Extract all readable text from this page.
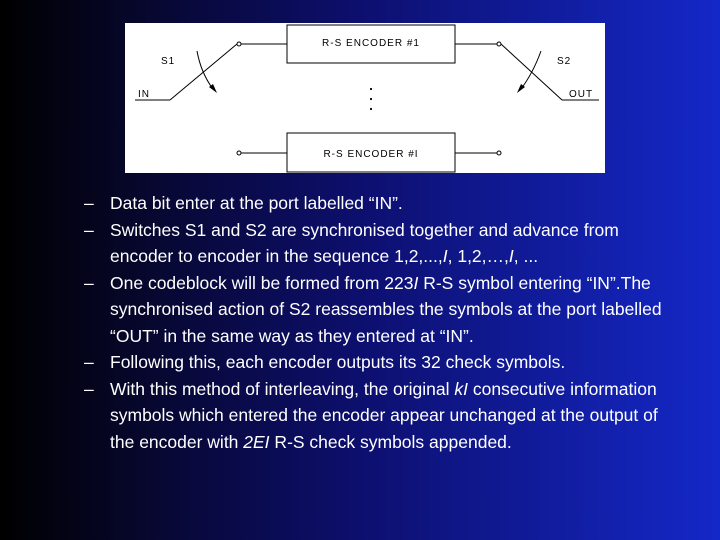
R-S ENCODER #1
R-S ENCODER #I
S1
IN
S2
OUT
– Data bit enter at the port labelled “IN”.
– Switches S1 and S2 are synchronised together and advance from encoder to encoder in the sequence 1,2,...,I, 1,2,…,I, ...
– One codeblock will be formed from 223I R-S symbol entering “IN”.The synchronised action of S2 reassembles the symbols at the port labelled “OUT” in the same way as they entered at “IN”.
– Following this, each encoder outputs its 32 check symbols.
– With this method of interleaving, the original kI consecutive information symbols which entered the encoder appear unchanged at the output of the encoder with 2EI R-S check symbols appended.
